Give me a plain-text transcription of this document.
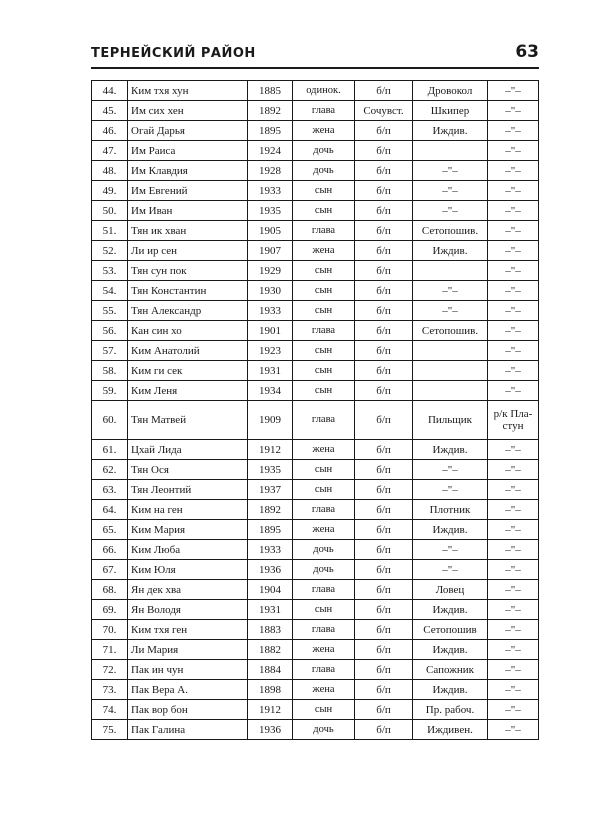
ТЕРНЕЙСКИЙ РАЙОН	63
44.	Ким тхя хун	1885	одинок.	б/п	Дровокол	–"–
45.	Им сих хен	1892	глава	Сочувст.	Шкипер	–"–
46.	Огай Дарья	1895	жена	б/п	Иждив.	–"–
47.	Им Раиса	1924	дочь	б/п		–"–
48.	Им Клавдия	1928	дочь	б/п	–"–	–"–
49.	Им Евгений	1933	сын	б/п	–"–	–"–
50.	Им Иван	1935	сын	б/п	–"–	–"–
51.	Тян ик хван	1905	глава	б/п	Сетопошив.	–"–
52.	Ли ир сен	1907	жена	б/п	Иждив.	–"–
53.	Тян сун пок	1929	сын	б/п		–"–
54.	Тян Константин	1930	сын	б/п	–"–	–"–
55.	Тян Александр	1933	сын	б/п	–"–	–"–
56.	Кан син хо	1901	глава	б/п	Сетопошив.	–"–
57.	Ким Анатолий	1923	сын	б/п		–"–
58.	Ким ги сек	1931	сын	б/п		–"–
59.	Ким Леня	1934	сын	б/п		–"–
60.	Тян Матвей	1909	глава	б/п	Пильщик	р/к Пла-стун
61.	Цхай Лида	1912	жена	б/п	Иждив.	–"–
62.	Тян Ося	1935	сын	б/п	–"–	–"–
63.	Тян Леонтий	1937	сын	б/п	–"–	–"–
64.	Ким на ген	1892	глава	б/п	Плотник	–"–
65.	Ким Мария	1895	жена	б/п	Иждив.	–"–
66.	Ким Люба	1933	дочь	б/п	–"–	–"–
67.	Ким Юля	1936	дочь	б/п	–"–	–"–
68.	Ян дек хва	1904	глава	б/п	Ловец	–"–
69.	Ян Володя	1931	сын	б/п	Иждив.	–"–
70.	Ким тхя ген	1883	глава	б/п	Сетопошив	–"–
71.	Ли Мария	1882	жена	б/п	Иждив.	–"–
72.	Пак ин чун	1884	глава	б/п	Сапожник	–"–
73.	Пак Вера А.	1898	жена	б/п	Иждив.	–"–
74.	Пак вор бон	1912	сын	б/п	Пр. рабоч.	–"–
75.	Пак Галина	1936	дочь	б/п	Иждивен.	–"–
